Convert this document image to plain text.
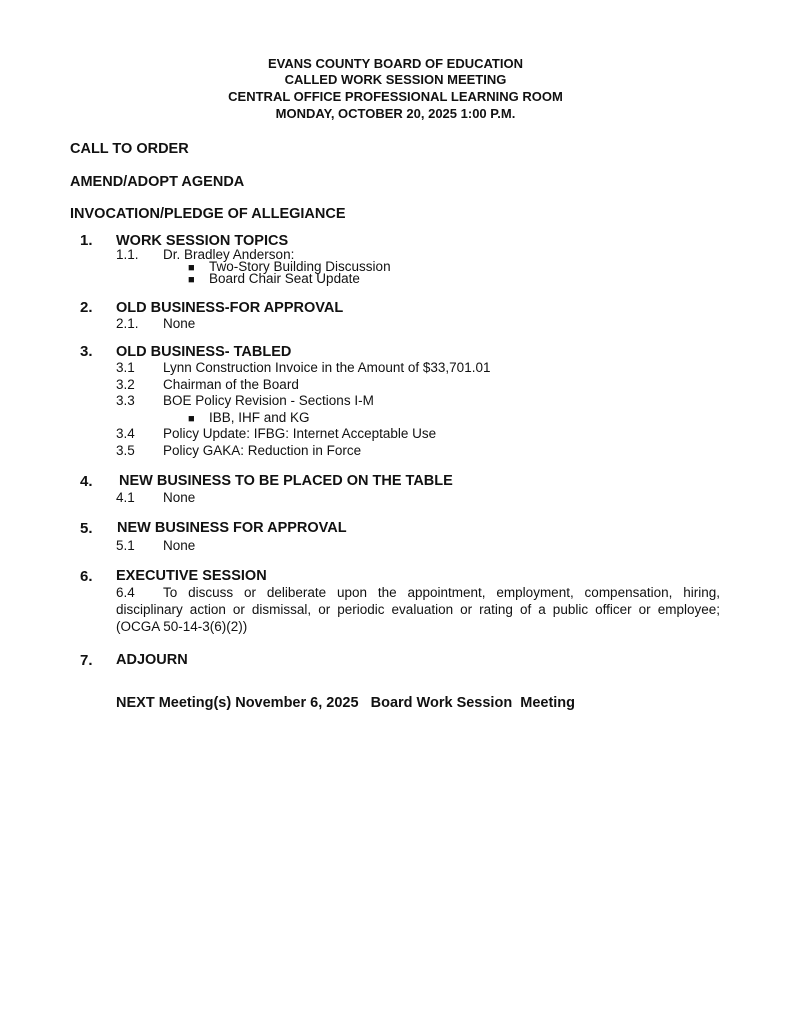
EVANS COUNTY BOARD OF EDUCATION
CALLED WORK SESSION MEETING
CENTRAL OFFICE PROFESSIONAL LEARNING ROOM
MONDAY, OCTOBER 20, 2025 1:00 P.M.
CALL TO ORDER
AMEND/ADOPT AGENDA
INVOCATION/PLEDGE OF ALLEGIANCE
1. WORK SESSION TOPICS
1.1. Dr. Bradley Anderson:
■ Two-Story Building Discussion
■ Board Chair Seat Update
2. OLD BUSINESS-FOR APPROVAL
2.1. None
3. OLD BUSINESS- TABLED
3.1 Lynn Construction Invoice in the Amount of $33,701.01
3.2 Chairman of the Board
3.3 BOE Policy Revision - Sections I-M
■ IBB, IHF and KG
3.4 Policy Update: IFBG: Internet Acceptable Use
3.5 Policy GAKA: Reduction in Force
4. NEW BUSINESS TO BE PLACED ON THE TABLE
4.1 None
5. NEW BUSINESS FOR APPROVAL
5.1 None
6. EXECUTIVE SESSION
6.4 To discuss or deliberate upon the appointment, employment, compensation, hiring, disciplinary action or dismissal, or periodic evaluation or rating of a public officer or employee; (OCGA 50-14-3(6)(2))
7. ADJOURN
NEXT Meeting(s) November 6, 2025   Board Work Session  Meeting
